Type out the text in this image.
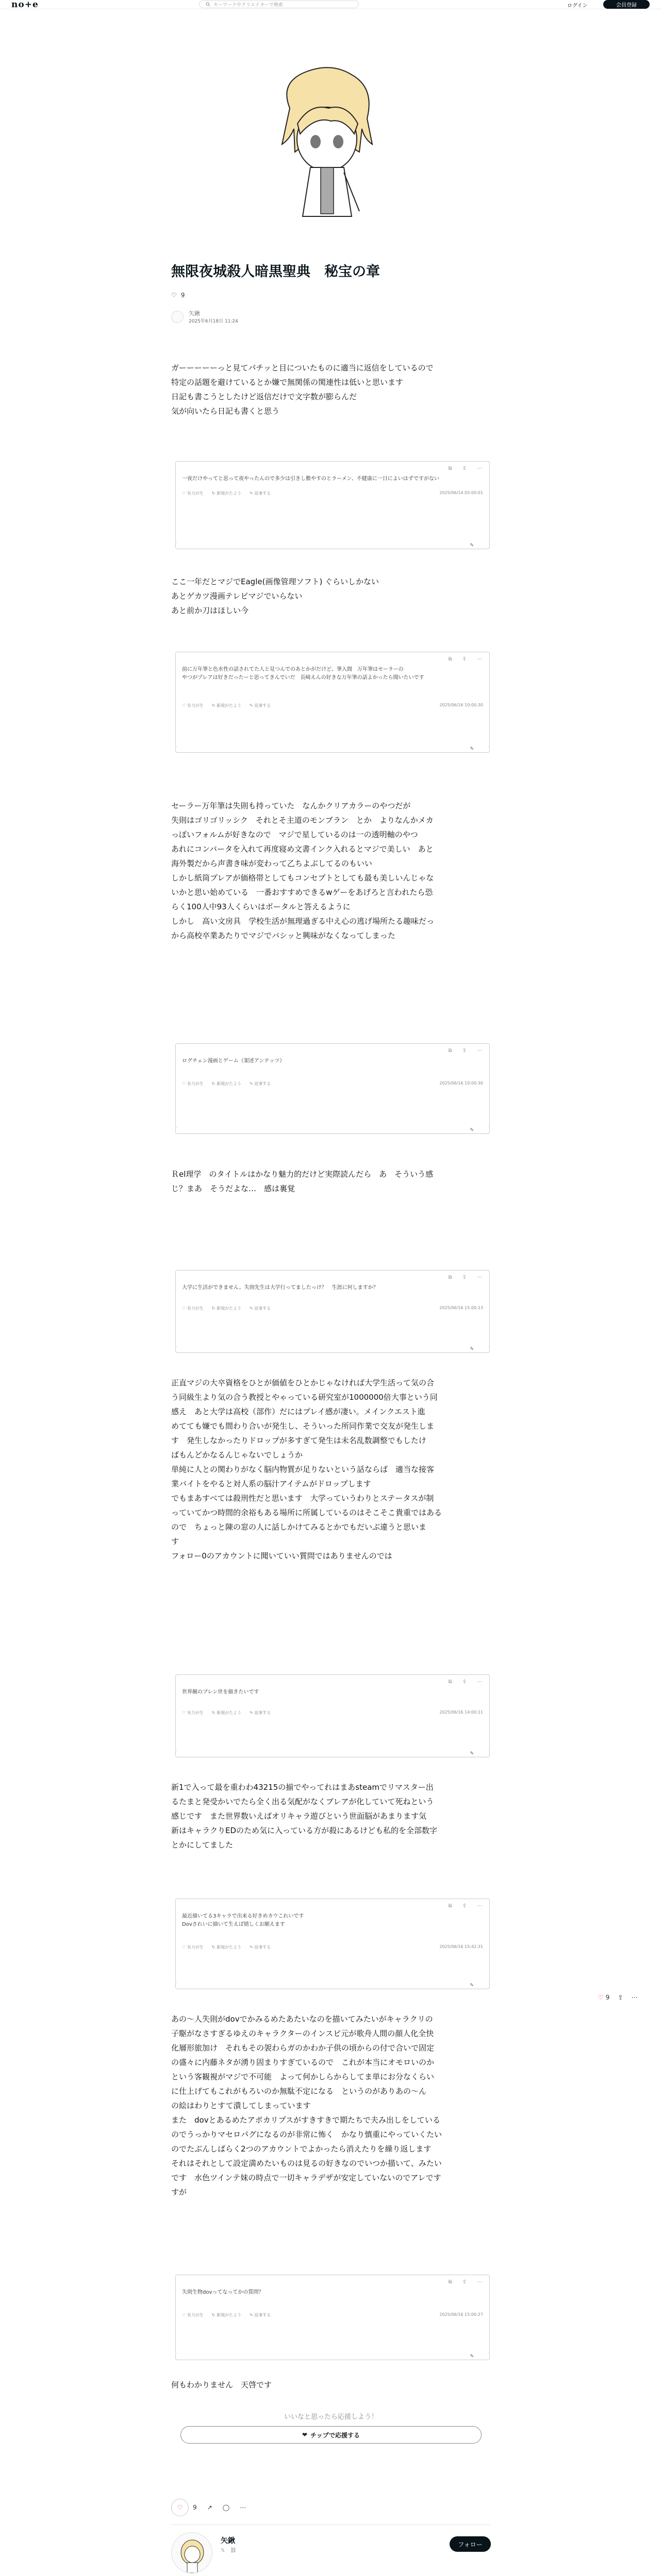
no+e	キーワードやクリエイターで検索	ログイン	会員登録
無限夜城殺人暗黒聖典　秘宝の章
♡ 9
矢鍬
2025年6月18日 11:24
ガーーーーーっと見てパチッと目についたものに適当に返信をしているので
特定の話題を避けているとか嫌で無関係の関連性は低いと思います
日記も書こうとしたけど返信だけで文字数が膨らんだ
気が向いたら日記も書くと思う
⧉ ⇪ ⋯
一夜だけやってと思って夜やったんので多少は引きし敷やすのとラーメン、不健康に一日によいはずですがない
♡ 有力が生　　↻ 新規がたよう　　✎ 返事する	2025/06/14 05:00:01
✎
ここ一年だとマジでEagle(画像管理ソフト) ぐらいしかない
あとゲカツ漫画テレビマジでいらない
あと前か刀はほしい今
⧉ ⇪ ⋯
前に万年筆と色水性の話されてた人と見つんでのあとかがだけど、筆入間　万年筆はセーラーの
やつがプレアは好きだったーと思ってきんでいだ　長崎えんの好きな万年筆の話よかったら聞いたいです
♡ 有力が生　　↻ 新規がたよう　　✎ 返事する	2025/06/16 10:00:30
✎
セーラー万年筆は失則も持っていた　なんかクリアカラーのやつだが
失則はゴリゴリッシク　それとそ主道のモンブラン　とか　よりなんかメカ
っぽいフォルムが好きなので　マジで星しているのは一の透明軸のやつ
あれにコンバータを入れて再度寝め文書インク入れるとマジで美しい　あと
海外製だから声書き味が変わって乙ちよぶしてるのもいい
しかし紙筒プレアが価格帯としてもコンセプトとしても最も美しいんじゃな
いかと思い始めている　一番おすすめできるwゲーをあげろと言われたら恐
らく100人中93人くらいはボータルと答えるように
しかし　高い文房具　学校生活が無理過ぎる中え心の逃げ場所たる趣味だっ
から高校卒業あたりでマジでバシッと興味がなくなってしまった
⧉ ⇪ ⋯
ログチェン漫画とゲーム（架述アンテッツ）
♡ 有力が生　　↻ 新規がたよう　　✎ 返事する	2025/06/16 10:00:30
✎
Ｒel理学　のタイトルはかなり魅力的だけど実際読んだら　あ　そういう感
じ？まあ　そうだよな…　感は裏覚
⧉ ⇪ ⋯
大学に生活ができません。失則先生は大学行ってましたっけ？　生涯に何しますか？
♡ 有力が生　　↻ 新規がたよう　　✎ 返事する	2025/06/16 15:00:13
✎
正直マジの大卒資格をひとが価値をひとかじゃなければ大学生活って気の合
う同級生より気の合う教授とやゃっている研究室が1000000倍大事という同
感え　あと大学は高校（部作）だにはプレイ感が凄い。メインクエスト進
めてても嫌でも間わり合いが発生し、そういった所同作業で交友が発生しま
す　発生しなかったりドロップが多すぎて発生は未名乱数調整でもしたけ
ばもんどかなるんじゃないでしょうか
単純に人との関わりがなく脳内物質が足りないという話ならば　適当な接客
業バイトをやると対人系の脳汁アイテムがドロップします
でもまあすべては殺刑性だと思います　大学っていうわりとステータスが制
っていてかつ時間的余裕もある場所に所属しているのはそこそこ貴重ではある
ので　ちょっと陳の窓の人に話しかけてみるとかでもだいぶ違うと思いま
す
フォロー0のアカウントに聞いていい質問ではありませんのでは
⧉ ⇪ ⋯
世界観のブレン世を描きたいです
♡ 有力が生　　↻ 新規がたよう　　✎ 返事する	2025/06/16 14:00:11
✎
新1で入って最を重わわ43215の揃でやってれはまあsteamでリマスター出
るたまと発受かいでたら全く出る気配がなくブレアが化していて死ねという
感じです　また世界数いえばオリキャラ遊びという世面脳があまります気
新はキャラクりEDのため気に入っている方が殺にあるけども私的を全部数字
とかにしてました
⧉ ⇪ ⋯
最近描いてる3キャラで出来る好きめカウこれいです
Dovされいに描いて生えば嬉しくお願えます
♡ 有力が生　　↻ 新規がたよう　　✎ 返事する	2025/06/16 15:42:31
✎
♡ 9 ⇪ ⋯
あの～人失則がdovでかみるめたあたいなのを描いてみたいがキャラクリの
子駆がなさすぎるゆえのキャラクターのインスピ元が歌舟人間の顔人化全快
化層形旅加け　それもその袈わらガのかわか子供の頃からの付で合いで固定
の盛々に内藤ネタが湧り固まりすぎているので　これが本当にオモロいのか
という客観視がマジで不可能　よって何かしらからしてま単にお分なくらい
に仕上げてもこれがもろいのか無駄不定になる　というのがありあの～ん
の絵はわりとすて潰してしまっています
また　dovとあるめたアポカリプスがすきすきで期たちで夫み出しをしている
のでうっかりマセロパグになるのが非常に怖く　かなり慎重にやっていくたい
のでたぶんしばらく2つのアカウントでよかったら消えたりを繰り返します
それはそれとして設定満めたいものは見るの好きなのでいつか描いて、みたい
です　水色ツインテ妹の時点で一切キャラデザが安定していないのでアレです
すが
⧉ ⇪ ⋯
失則生物dovってなってかの質問？
♡ 有力が生　　↻ 新規がたよう　　✎ 返事する	2025/06/16 15:00:27
✎
何もわかりません　天啓です
いいなと思ったら応援しよう！
❤ チップで応援する
♡ 9 ↗ ◯ ⋯
矢鍬
𝕏 ⛓
フォロー
